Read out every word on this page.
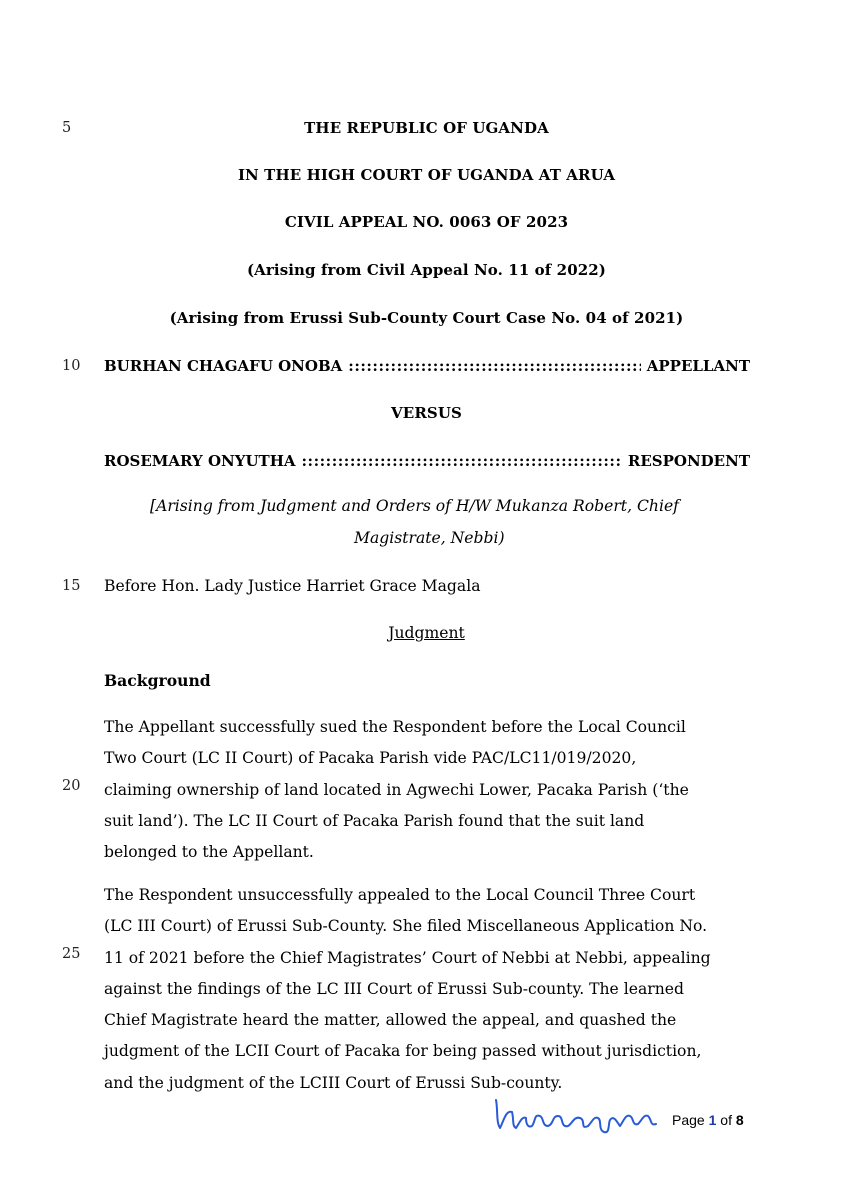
5
10
15
20
25
THE REPUBLIC OF UGANDA
IN THE HIGH COURT OF UGANDA AT ARUA
CIVIL APPEAL NO. 0063 OF 2023
(Arising from Civil Appeal No. 11 of 2022)
(Arising from Erussi Sub-County Court Case No. 04 of 2021)
BURHAN CHAGAFU ONOBA ::::::::::::::::::::::::::::::::::::::::::::::::::::::::::::::::::::::::::::::::::::::::::::::::::::::::::::	APPELLANT
VERSUS
ROSEMARY ONYUTHA ::::::::::::::::::::::::::::::::::::::::::::::::::::::::::::::::::::::::::::::::::::::::::::::::::::::::::::	RESPONDENT
[Arising from Judgment and Orders of H/W Mukanza Robert, Chief
Magistrate, Nebbi)
Before Hon. Lady Justice Harriet Grace Magala
Judgment
Background
The Appellant successfully sued the Respondent before the Local Council
Two Court (LC II Court) of Pacaka Parish vide PAC/LC11/019/2020,
claiming ownership of land located in Agwechi Lower, Pacaka Parish (‘the
suit land’). The LC II Court of Pacaka Parish found that the suit land
belonged to the Appellant.
The Respondent unsuccessfully appealed to the Local Council Three Court
(LC III Court) of Erussi Sub-County. She filed Miscellaneous Application No.
11 of 2021 before the Chief Magistrates’ Court of Nebbi at Nebbi, appealing
against the findings of the LC III Court of Erussi Sub-county. The learned
Chief Magistrate heard the matter, allowed the appeal, and quashed the
judgment of the LCII Court of Pacaka for being passed without jurisdiction,
and the judgment of the LCIII Court of Erussi Sub-county.
Page 1 of 8
